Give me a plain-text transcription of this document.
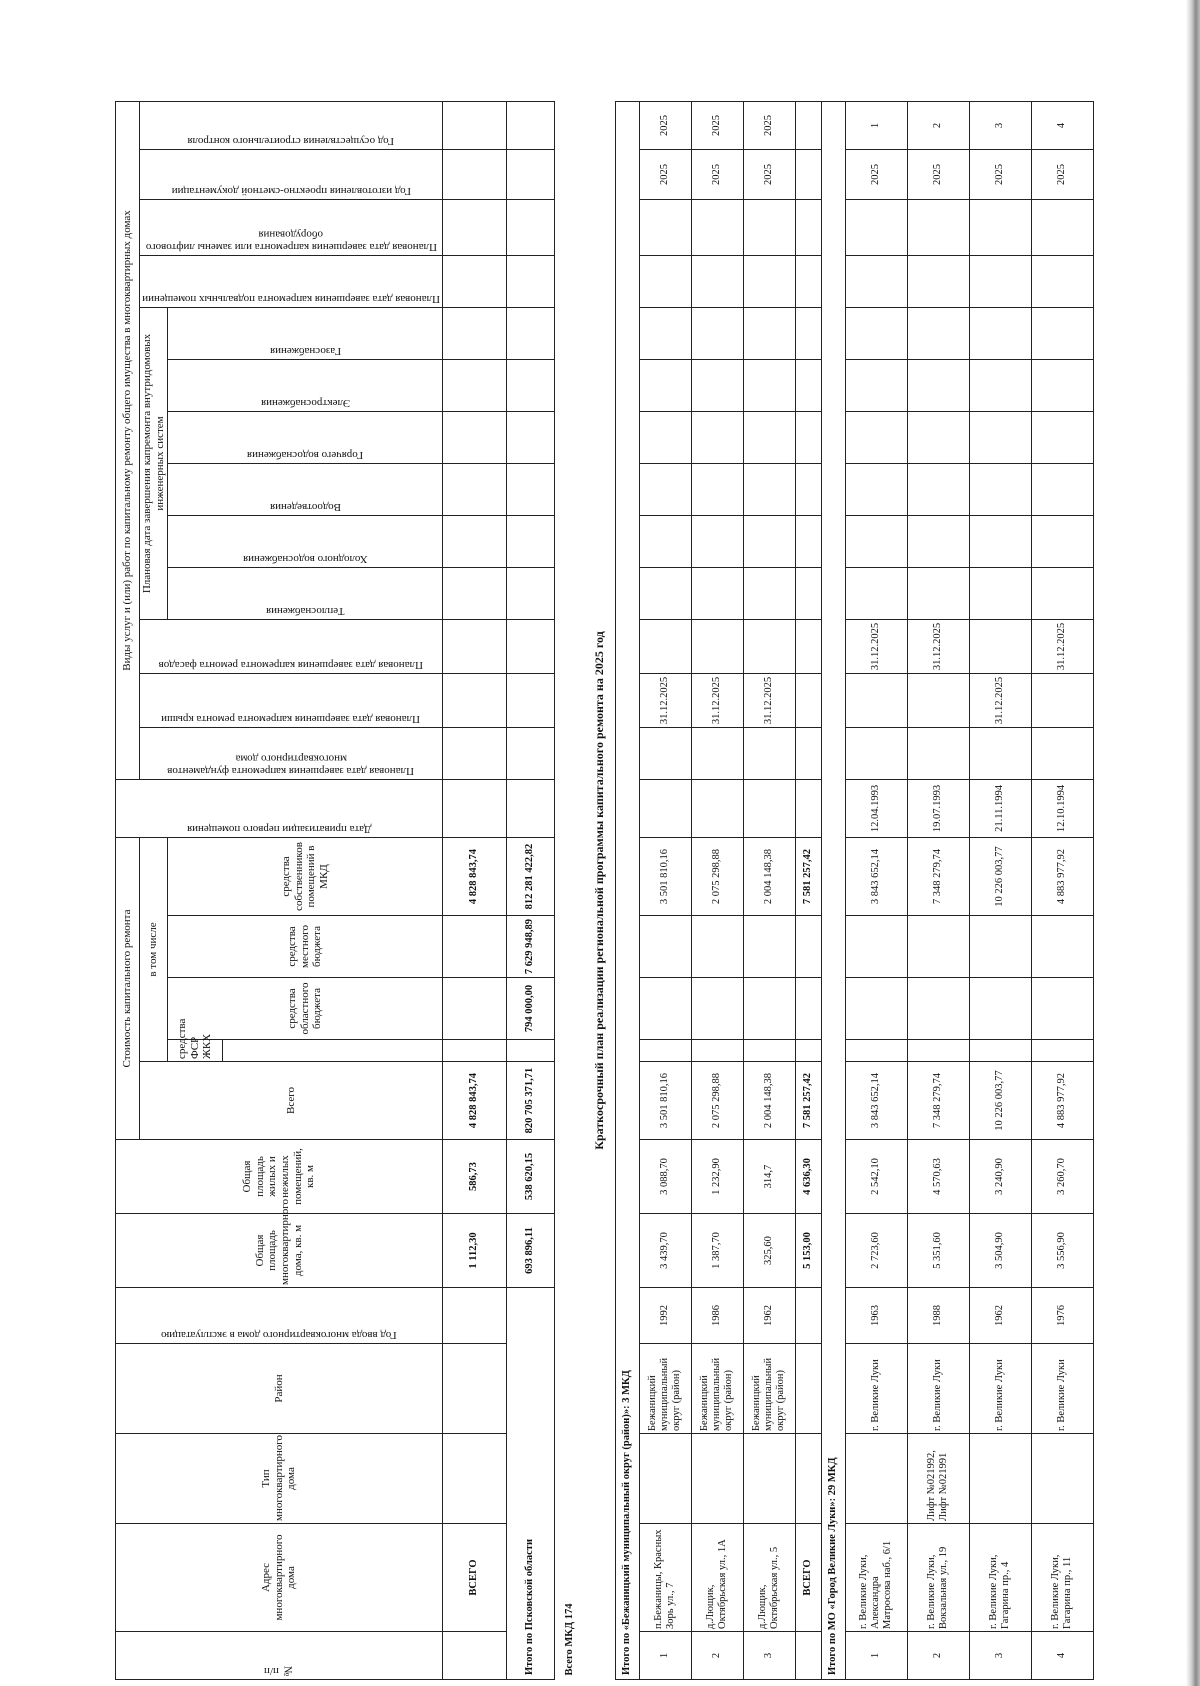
№ п/п	Адрес многоквартирного дома	Тип многоквартирного дома	Район	Год ввода многоквартирного дома в эксплуатацию	Общая площадь многоквартирного дома, кв. м	Общая площадь жилых и нежилых помещений, кв. м	Стоимость капитального ремонта					Дата приватизации первого помещения	Виды услуг и (или) работ по капитальному ремонту общего имущества в многоквартирных домах												
							Всего	в том числе					Плановая дата завершения капремонта фундаментов многоквартирного дома	Плановая дата завершения капремонта ремонта крыши	Плановая дата завершения капремонта ремонта фасадов	Плановая дата завершения капремонта внутридомовых инженерных систем						Плановая дата завершения капремонта подвальных помещении	Плановая дата завершения капремонта или замены лифтового оборудования	Год изготовления проектно-сметной документации	Год осуществления строительного контроля

								средства ФСР ЖКХ	средства областного бюджета	средства местного бюджета	средства собственников помещений в МКД					Теплоснабжения	Холодного водоснабжения	Водоотведения	Горячего водоснабжения	Электроснабжения	Газоснабжения				

	ВСЕГО				1 112,30	586,73	4 828 843,74				4 828 843,74														
Итого по Псковской области					693 896,11	538 620,15	820 705 371,71		794 000,00	7 629 948,89	812 281 422,82														
Всего МКД 174																									
Краткосрочный план реализации региональной программы капитального ремонта на 2025 год																									
Итого по «Бежаницкий муниципальный округ (район)»: 3 МКД																									
1	п.Бежаницы, Красных Зорь ул., 7		Бежаницкий муниципальный округ (район)	1992	3 439,70	3 088,70	3 501 810,16				3 501 810,16			31.12.2025										2025	2025
2	д.Лющик, Октябрьская ул., 1А		Бежаницкий муниципальный округ (район)	1986	1 387,70	1 232,90	2 075 298,88				2 075 298,88			31.12.2025										2025	2025
3	д.Лющик, Октябрьская ул., 5		Бежаницкий муниципальный округ (район)	1962	325,60	314,7	2 004 148,38				2 004 148,38			31.12.2025										2025	2025
	ВСЕГО				5 153,00	4 636,30	7 581 257,42				7 581 257,42														
Итого по МО «Город Великие Луки»: 29 МКД																									
1	г. Великие Луки, Александра Матросова наб., 6/1		г. Великие Луки	1963	2 723,60	2 542,10	3 843 652,14				3 843 652,14	12.04.1993			31.12.2025									2025	1
2	г. Великие Луки, Вокзальная ул., 19	Лифт №021992, Лифт №021991	г. Великие Луки	1988	5 351,60	4 570,63	7 348 279,74				7 348 279,74	19.07.1993			31.12.2025									2025	2
3	г. Великие Луки, Гагарина пр., 4		г. Великие Луки	1962	3 504,90	3 240,90	10 226 003,77				10 226 003,77	21.11.1994		31.12.2025										2025	3
4	г. Великие Луки, Гагарина пр., 11		г. Великие Луки	1976	3 556,90	3 260,70	4 883 977,92				4 883 977,92	12.10.1994			31.12.2025									2025	4
